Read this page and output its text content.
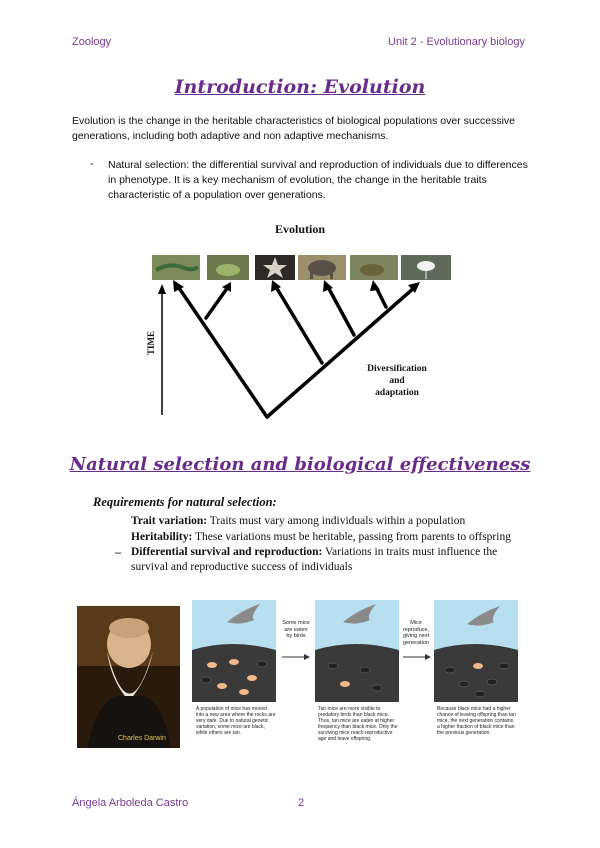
Zoology	Unit 2 - Evolutionary biology
Introduction: Evolution
Evolution is the change in the heritable characteristics of biological populations over successive generations, including both adaptive and non adaptive mechanisms.
- Natural selection: the differential survival and reproduction of individuals due to differences in phenotype. It is a key mechanism of evolution, the change in the heritable traits characteristic of a population over generations.
Evolution
TIME
Diversification
and
adaptation
Natural selection and biological effectiveness
Requirements for natural selection:
Trait variation: Traits must vary among individuals within a population
Heritability: These variations must be heritable, passing from parents to offspring
– Differential survival and reproduction: Variations in traits must influence the
survival and reproductive success of individuals
Charles Darwin
Some mice are eaten by birds
Mice reproduce, giving next generation
A population of mice has moved into a new area where the rocks are very dark. Due to natural genetic variation, some mice are black, while others are tan.
Tan mice are more visible to predatory birds than black mice. Thus, tan mice are eaten at higher frequency than black mice. Only the surviving mice reach reproductive age and leave offspring.
Because black mice had a higher chance of leaving offspring than tan mice, the next generation contains a higher fraction of black mice than the previous generation.
Ángela Arboleda Castro	2
